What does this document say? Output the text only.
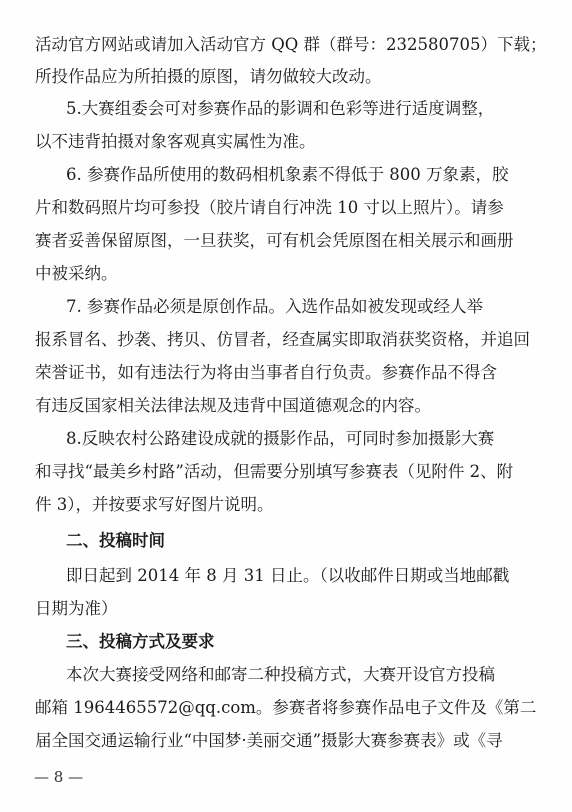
活动官方网站或请加入活动官方 QQ 群（群号：232580705）下载；
所投作品应为所拍摄的原图，请勿做较大改动。
5.大赛组委会可对参赛作品的影调和色彩等进行适度调整，
以不违背拍摄对象客观真实属性为准。
6. 参赛作品所使用的数码相机象素不得低于 800 万象素，胶
片和数码照片均可参投（胶片请自行冲洗 10 寸以上照片）。请参
赛者妥善保留原图，一旦获奖，可有机会凭原图在相关展示和画册
中被采纳。
7. 参赛作品必须是原创作品。入选作品如被发现或经人举
报系冒名、抄袭、拷贝、仿冒者，经查属实即取消获奖资格，并追回
荣誉证书，如有违法行为将由当事者自行负责。参赛作品不得含
有违反国家相关法律法规及违背中国道德观念的内容。
8.反映农村公路建设成就的摄影作品，可同时参加摄影大赛
和寻找“最美乡村路”活动，但需要分别填写参赛表（见附件 2、附
件 3），并按要求写好图片说明。
二、投稿时间
即日起到 2014 年 8 月 31 日止。（以收邮件日期或当地邮戳
日期为准）
三、投稿方式及要求
本次大赛接受网络和邮寄二种投稿方式，大赛开设官方投稿
邮箱 1964465572@qq.com。参赛者将参赛作品电子文件及《第二
届全国交通运输行业“中国梦·美丽交通”摄影大赛参赛表》或《寻
— 8 —
